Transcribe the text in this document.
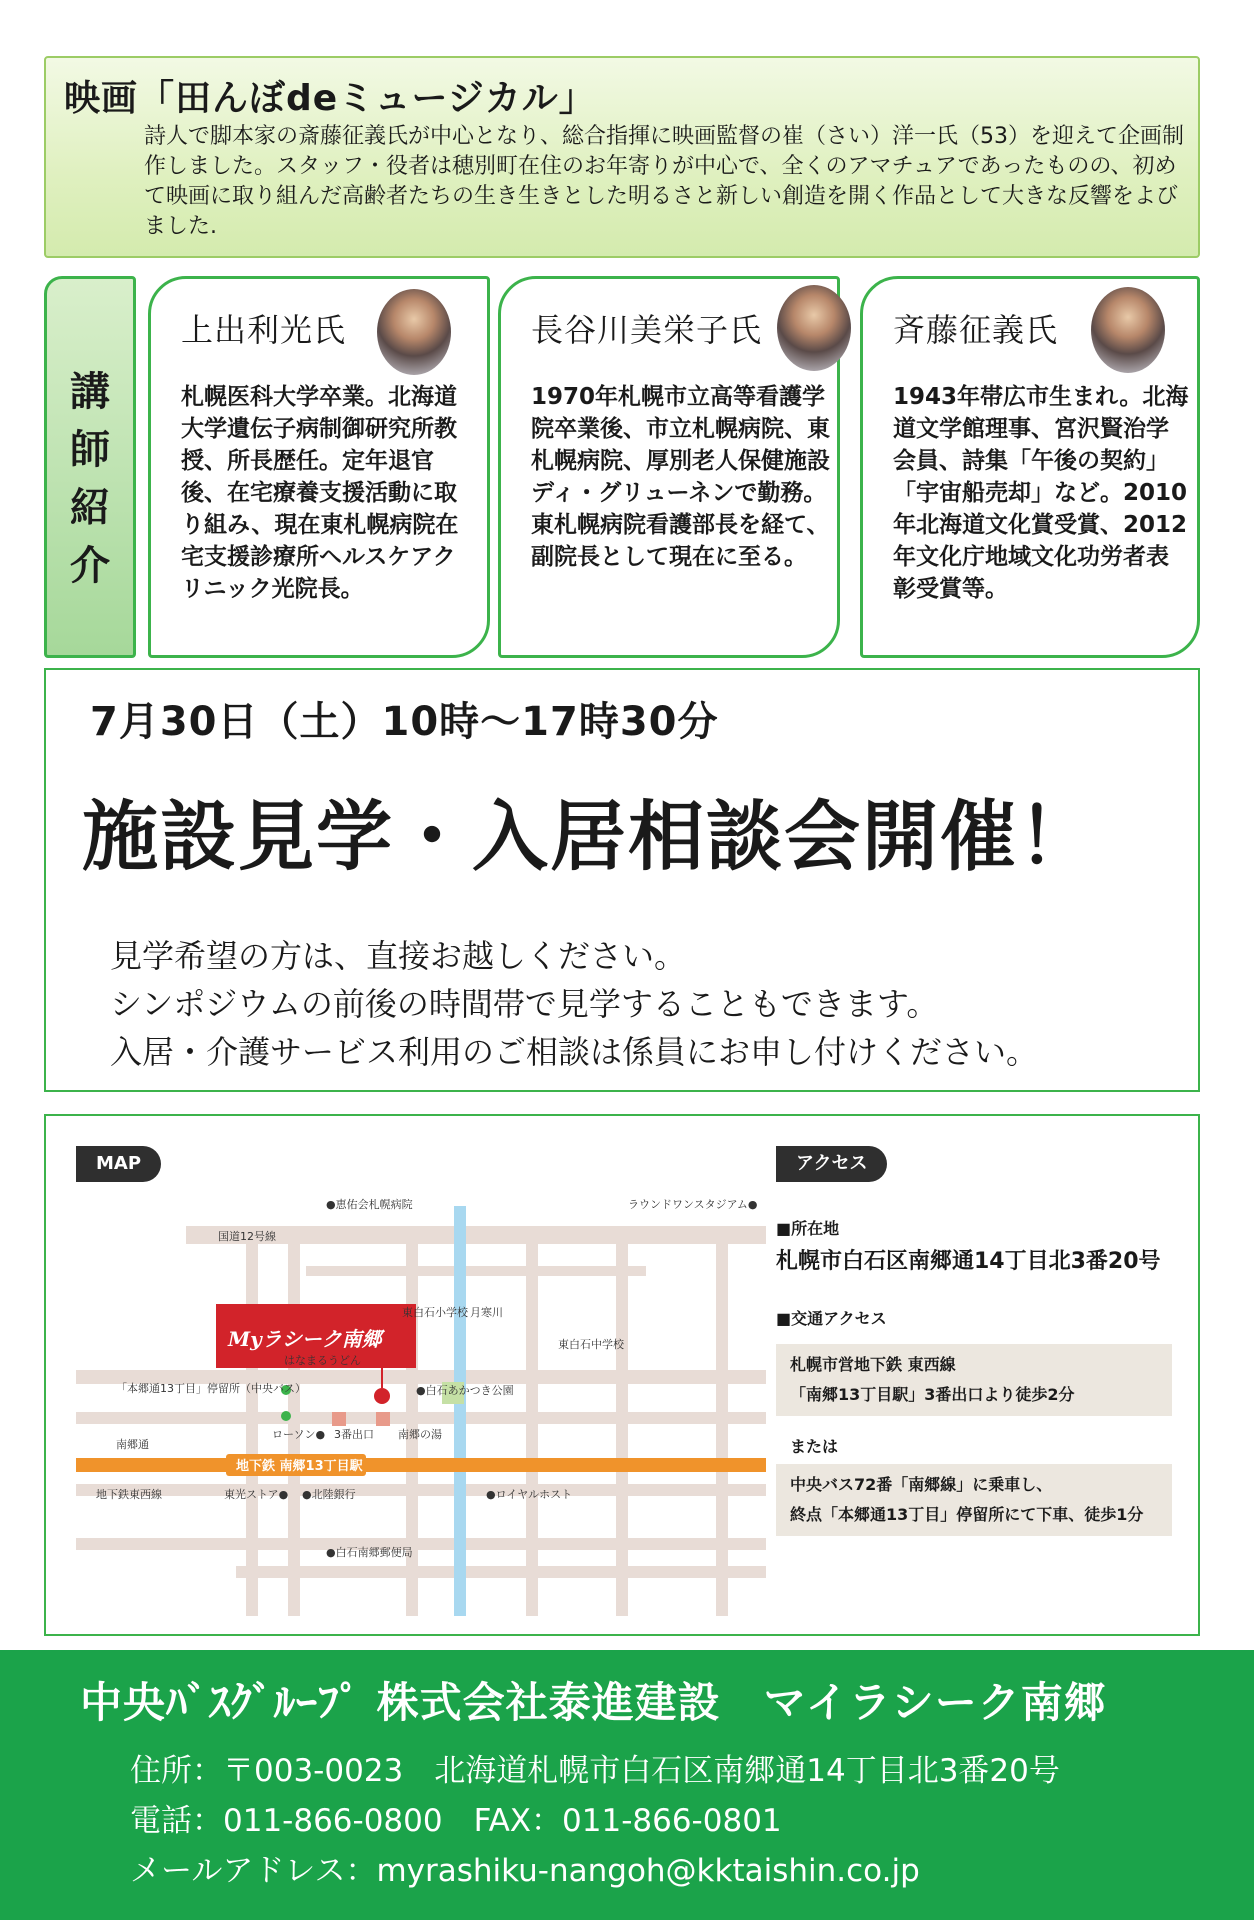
映画「田んぼdeミュージカル」

詩人で脚本家の斎藤征義氏が中心となり、総合指揮に映画監督の崔（さい）洋一氏（53）を迎えて企画制作しました。スタッフ・役者は穂別町在住のお年寄りが中心で、全くのアマチュアであったものの、初めて映画に取り組んだ高齢者たちの生き生きとした明るさと新しい創造を開く作品として大きな反響をよびました.

講
師
紹
介
上出利光氏
札幌医科大学卒業。北海道大学遺伝子病制御研究所教授、所長歴任。定年退官後、在宅療養支援活動に取り組み、現在東札幌病院在宅支援診療所ヘルスケアクリニック光院長。
長谷川美栄子氏
1970年札幌市立高等看護学院卒業後、市立札幌病院、東札幌病院、厚別老人保健施設ディ・グリューネンで勤務。東札幌病院看護部長を経て、副院長として現在に至る。
斉藤征義氏
1943年帯広市生まれ。北海道文学館理事、宮沢賢治学会員、詩集「午後の契約」「宇宙船売却」など。2010年北海道文化賞受賞、2012年文化庁地域文化功労者表彰受賞等。
7月30日（土）10時～17時30分
施設見学・入居相談会開催！
見学希望の方は、直接お越しください。
シンポジウムの前後の時間帯で見学することもできます。
入居・介護サービス利用のご相談は係員にお申し付けください。
MAP
地下鉄 南郷13丁目駅
Myラシーク南郷
●恵佑会札幌病院	ラウンドワンスタジアム●
国道12号線
東白石小学校 月寒川
東白石中学校
はなまるうどん
「本郷通13丁目」停留所（中央バス）	●白石あかつき公園
ローソン● 3番出口 南郷の湯
南郷通
地下鉄東西線	東光ストア● ●北陸銀行	●ロイヤルホスト
●白石南郷郵便局
アクセス
■所在地
札幌市白石区南郷通14丁目北3番20号
■交通アクセス
札幌市営地下鉄 東西線
「南郷13丁目駅」3番出口より徒歩2分
または
中央バス72番「南郷線」に乗車し、
終点「本郷通13丁目」停留所にて下車、徒歩1分
中央ﾊﾞｽｸﾞﾙｰﾌﾟ 株式会社泰進建設　マイラシーク南郷
住所：〒003-0023　北海道札幌市白石区南郷通14丁目北3番20号
電話：011-866-0800　FAX：011-866-0801
メールアドレス：myrashiku-nangoh@kktaishin.co.jp
